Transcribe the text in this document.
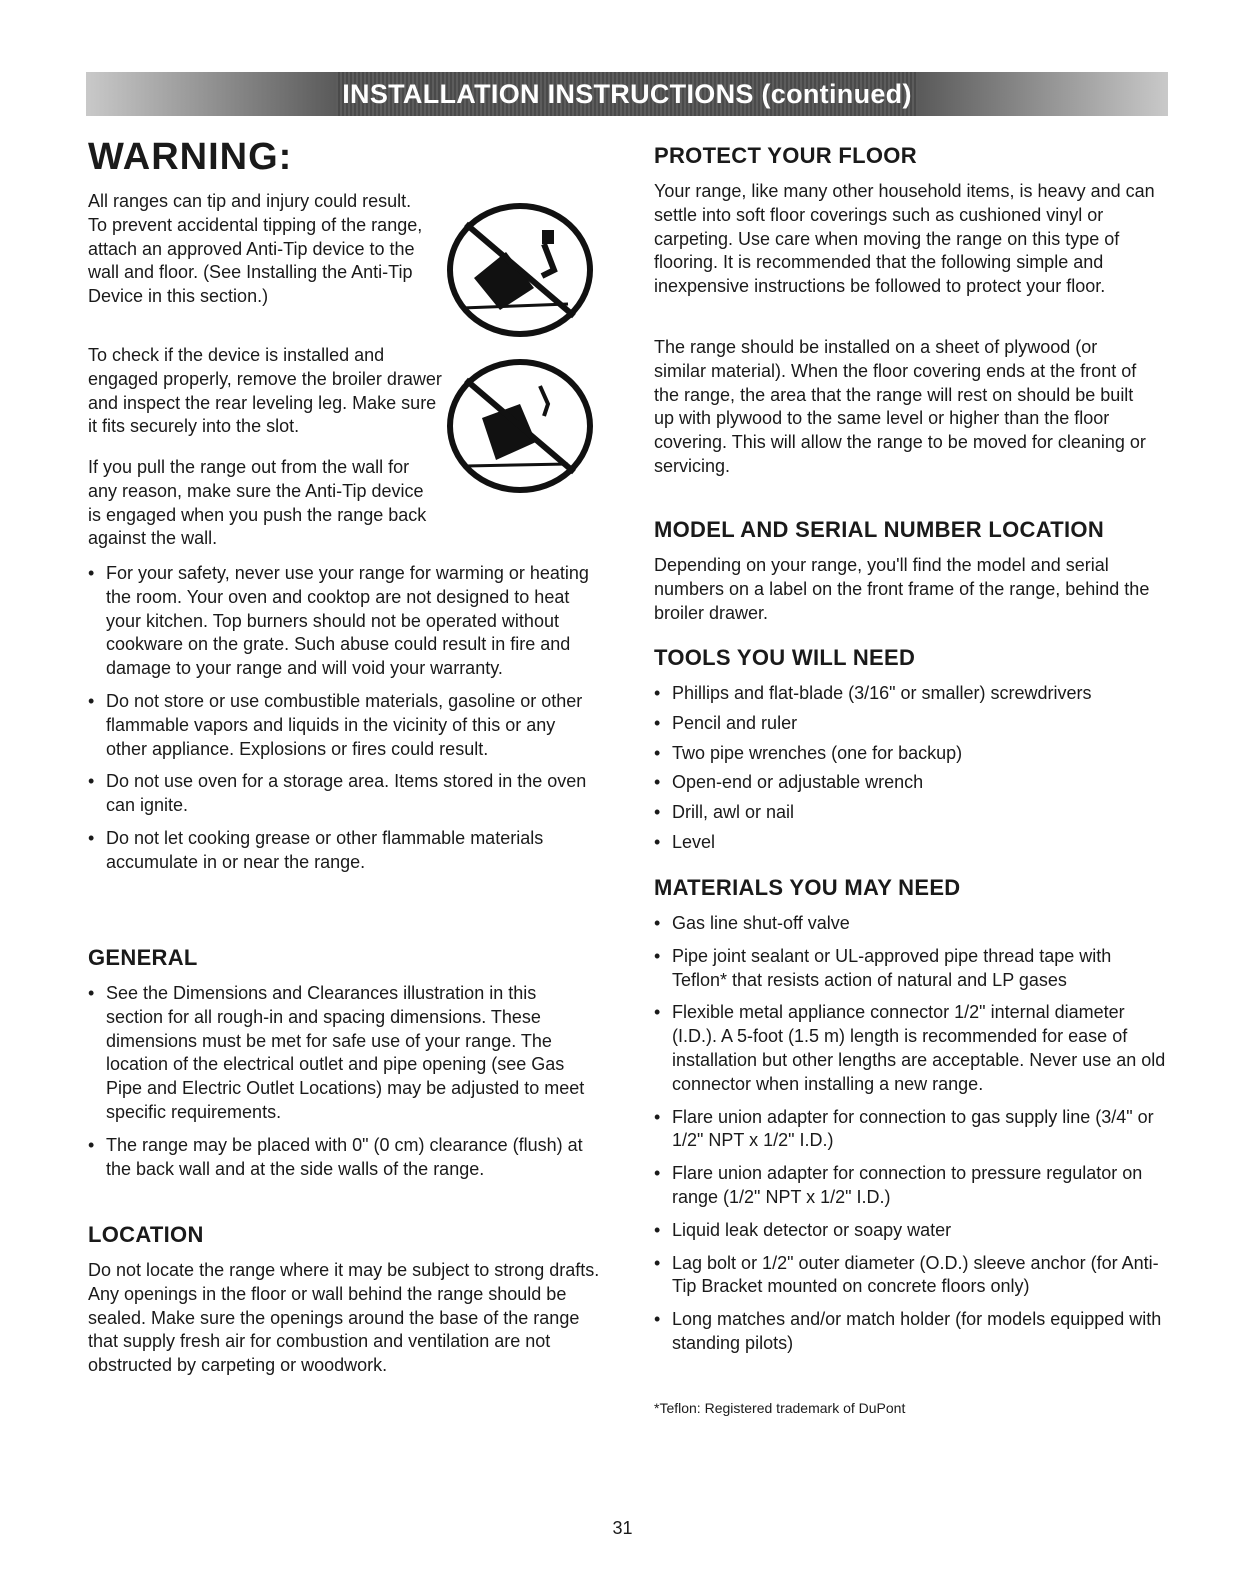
INSTALLATION INSTRUCTIONS (continued)
WARNING:

All ranges can tip and injury could result. To prevent accidental tipping of the range, attach an approved Anti-Tip device to the wall and floor. (See Installing the Anti-Tip Device in this section.)

To check if the device is installed and engaged properly, remove the broiler drawer and inspect the rear leveling leg. Make sure it fits securely into the slot.

If you pull the range out from the wall for any reason, make sure the Anti-Tip device is engaged when you push the range back against the wall.

• For your safety, never use your range for warming or heating the room. Your oven and cooktop are not designed to heat your kitchen. Top burners should not be operated without cookware on the grate. Such abuse could result in fire and damage to your range and will void your warranty.
• Do not store or use combustible materials, gasoline or other flammable vapors and liquids in the vicinity of this or any other appliance. Explosions or fires could result.
• Do not use oven for a storage area. Items stored in the oven can ignite.
• Do not let cooking grease or other flammable materials accumulate in or near the range.
GENERAL
• See the Dimensions and Clearances illustration in this section for all rough-in and spacing dimensions. These dimensions must be met for safe use of your range. The location of the electrical outlet and pipe opening (see Gas Pipe and Electric Outlet Locations) may be adjusted to meet specific requirements.
• The range may be placed with 0" (0 cm) clearance (flush) at the back wall and at the side walls of the range.
LOCATION

Do not locate the range where it may be subject to strong drafts. Any openings in the floor or wall behind the range should be sealed. Make sure the openings around the base of the range that supply fresh air for combustion and ventilation are not obstructed by carpeting or woodwork.

PROTECT YOUR FLOOR

Your range, like many other household items, is heavy and can settle into soft floor coverings such as cushioned vinyl or carpeting. Use care when moving the range on this type of flooring. It is recommended that the following simple and inexpensive instructions be followed to protect your floor.

The range should be installed on a sheet of plywood (or similar material). When the floor covering ends at the front of the range, the area that the range will rest on should be built up with plywood to the same level or higher than the floor covering. This will allow the range to be moved for cleaning or servicing.

MODEL AND SERIAL NUMBER LOCATION

Depending on your range, you'll find the model and serial numbers on a label on the front frame of the range, behind the broiler drawer.

TOOLS YOU WILL NEED
• Phillips and flat-blade (3/16" or smaller) screwdrivers
• Pencil and ruler
• Two pipe wrenches (one for backup)
• Open-end or adjustable wrench
• Drill, awl or nail
• Level
MATERIALS YOU MAY NEED
• Gas line shut-off valve
• Pipe joint sealant or UL-approved pipe thread tape with Teflon* that resists action of natural and LP gases
• Flexible metal appliance connector 1/2" internal diameter (I.D.). A 5-foot (1.5 m) length is recommended for ease of installation but other lengths are acceptable. Never use an old connector when installing a new range.
• Flare union adapter for connection to gas supply line (3/4" or 1/2" NPT x 1/2" I.D.)
• Flare union adapter for connection to pressure regulator on range (1/2" NPT x 1/2" I.D.)
• Liquid leak detector or soapy water
• Lag bolt or 1/2" outer diameter (O.D.) sleeve anchor (for Anti-Tip Bracket mounted on concrete floors only)
• Long matches and/or match holder (for models equipped with standing pilots)

*Teflon: Registered trademark of DuPont

31
